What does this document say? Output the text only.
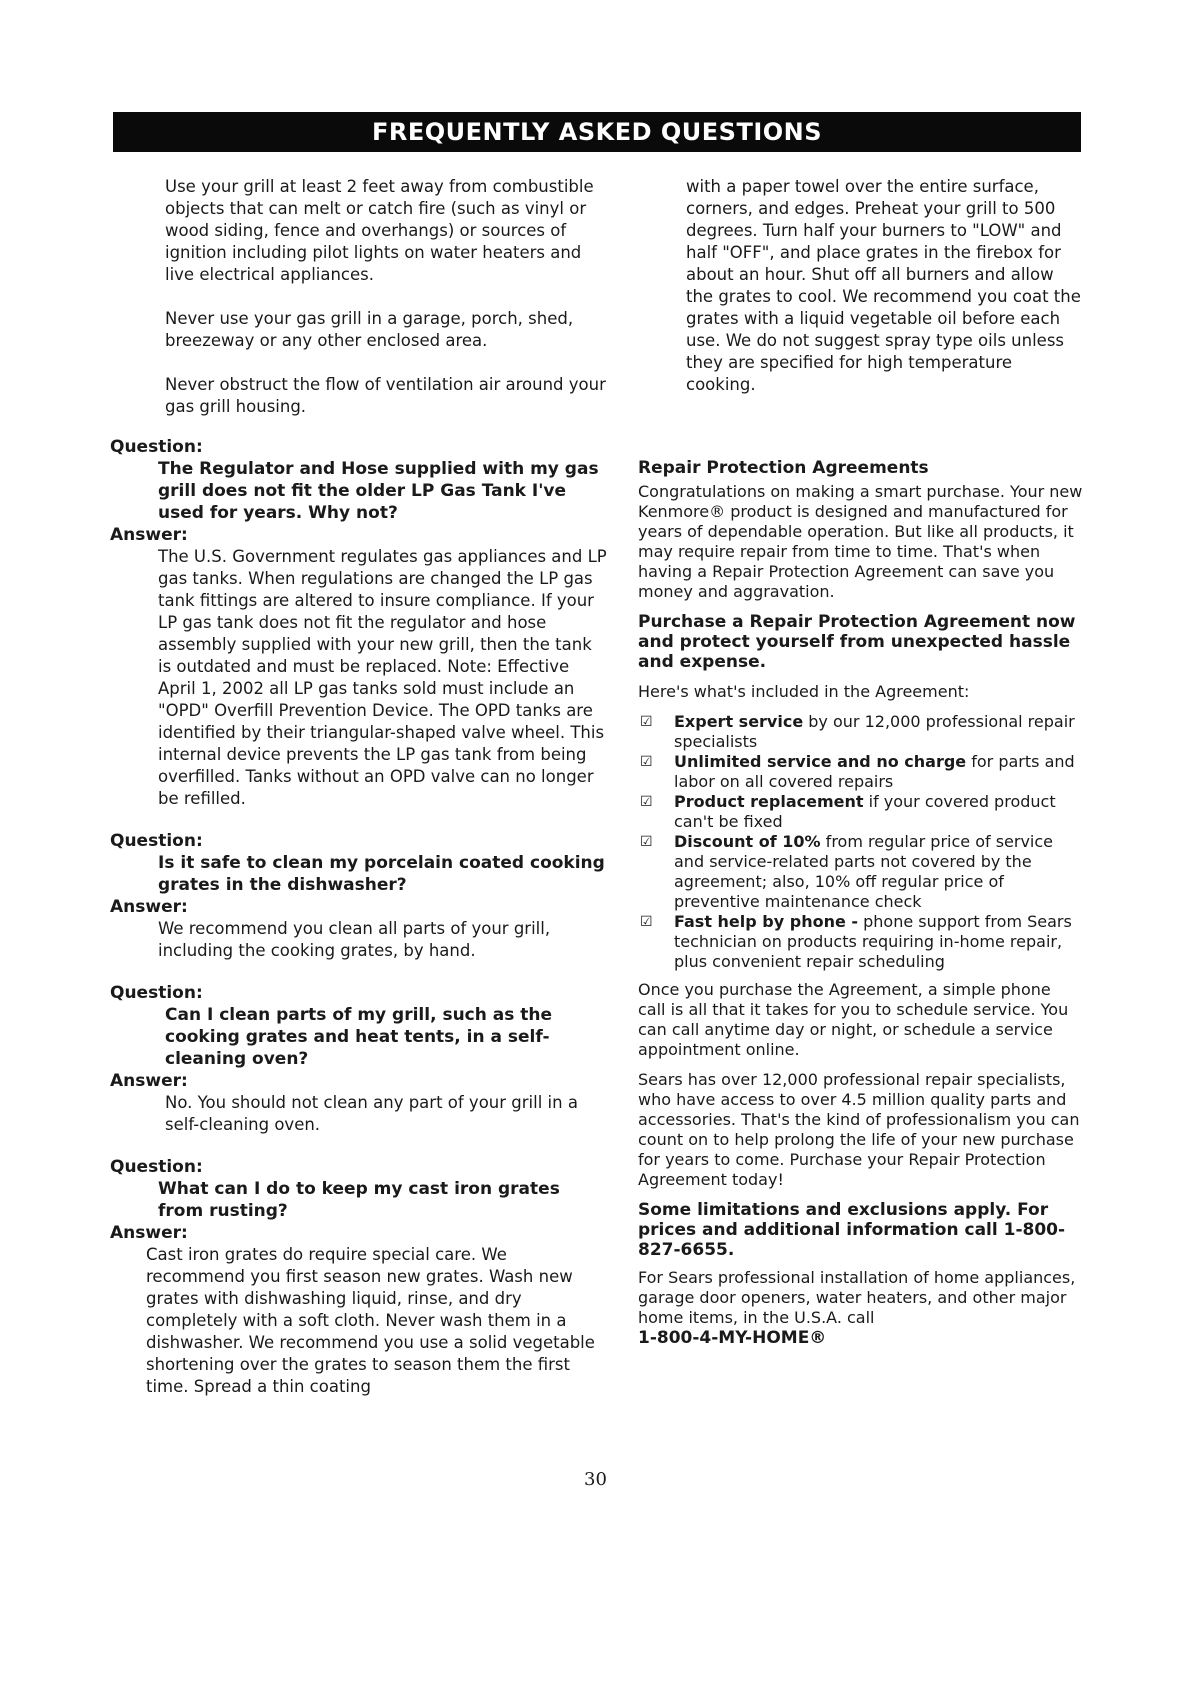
FREQUENTLY ASKED QUESTIONS

Use your grill at least 2 feet away from combustible objects that can melt or catch fire (such as vinyl or wood siding, fence and overhangs) or sources of ignition including pilot lights on water heaters and live electrical appliances.

Never use your gas grill in a garage, porch, shed, breezeway or any other enclosed area.

Never obstruct the flow of ventilation air around your gas grill housing.

Question:

The Regulator and Hose supplied with my gas grill does not fit the older LP Gas Tank I've used for years. Why not?

Answer:

The U.S. Government regulates gas appliances and LP gas tanks. When regulations are changed the LP gas tank fittings are altered to insure compliance. If your LP gas tank does not fit the regulator and hose assembly supplied with your new grill, then the tank is outdated and must be replaced. Note: Effective April 1, 2002 all LP gas tanks sold must include an "OPD" Overfill Prevention Device. The OPD tanks are identified by their triangular-shaped valve wheel. This internal device prevents the LP gas tank from being overfilled. Tanks without an OPD valve can no longer be refilled.

Question:

Is it safe to clean my porcelain coated cooking grates in the dishwasher?

Answer:

We recommend you clean all parts of your grill, including the cooking grates, by hand.

Question:

Can I clean parts of my grill, such as the cooking grates and heat tents, in a self-cleaning oven?

Answer:

No. You should not clean any part of your grill in a self-cleaning oven.

Question:

What can I do to keep my cast iron grates from rusting?

Answer:

Cast iron grates do require special care. We recommend you first season new grates. Wash new grates with dishwashing liquid, rinse, and dry completely with a soft cloth. Never wash them in a dishwasher. We recommend you use a solid vegetable shortening over the grates to season them the first time. Spread a thin coating

with a paper towel over the entire surface, corners, and edges. Preheat your grill to 500 degrees. Turn half your burners to "LOW" and half "OFF", and place grates in the firebox for about an hour. Shut off all burners and allow the grates to cool. We recommend you coat the grates with a liquid vegetable oil before each use. We do not suggest spray type oils unless they are specified for high temperature cooking.

Repair Protection Agreements

Congratulations on making a smart purchase. Your new Kenmore® product is designed and manufactured for years of dependable operation. But like all products, it may require repair from time to time. That's when having a Repair Protection Agreement can save you money and aggravation.

Purchase a Repair Protection Agreement now and protect yourself from unexpected hassle and expense.

Here's what's included in the Agreement:

☑ Expert service by our 12,000 professional repair specialists
☑ Unlimited service and no charge for parts and labor on all covered repairs
☑ Product replacement if your covered product can't be fixed
☑ Discount of 10% from regular price of service and service-related parts not covered by the agreement; also, 10% off regular price of preventive maintenance check
☑ Fast help by phone - phone support from Sears technician on products requiring in-home repair, plus convenient repair scheduling

Once you purchase the Agreement, a simple phone call is all that it takes for you to schedule service. You can call anytime day or night, or schedule a service appointment online.

Sears has over 12,000 professional repair specialists, who have access to over 4.5 million quality parts and accessories. That's the kind of professionalism you can count on to help prolong the life of your new purchase for years to come. Purchase your Repair Protection Agreement today!

Some limitations and exclusions apply. For prices and additional information call 1-800-827-6655.

For Sears professional installation of home appliances, garage door openers, water heaters, and other major home items, in the U.S.A. call

1-800-4-MY-HOME®

30
